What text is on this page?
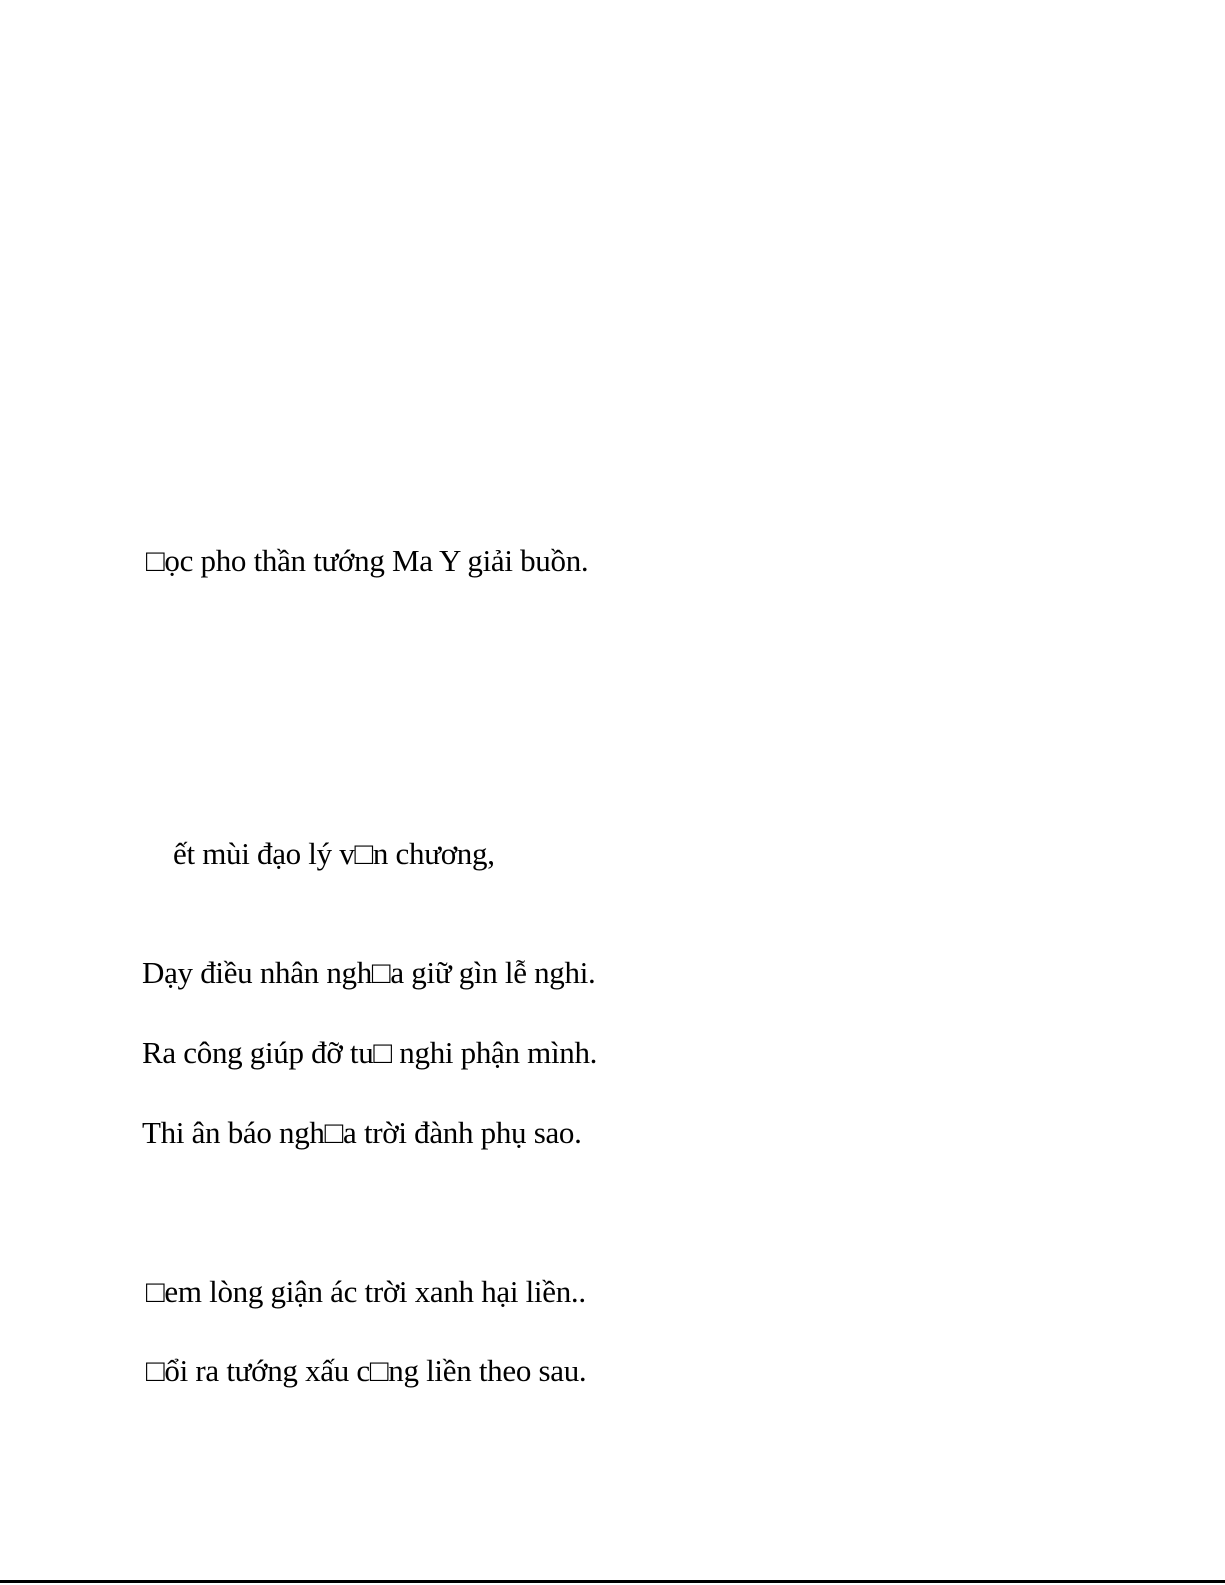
□ọc pho thần tướng Ma Y giải buồn.
ết mùi đạo lý v□n chương,
Dạy điều nhân ngh□a giữ gìn lễ nghi.
Ra công giúp đỡ tu□ nghi phận mình.
Thi ân báo ngh□a trời đành phụ sao.
□em lòng giận ác trời xanh hại liền..
□ổi ra tướng xấu c□ng liền theo sau.
